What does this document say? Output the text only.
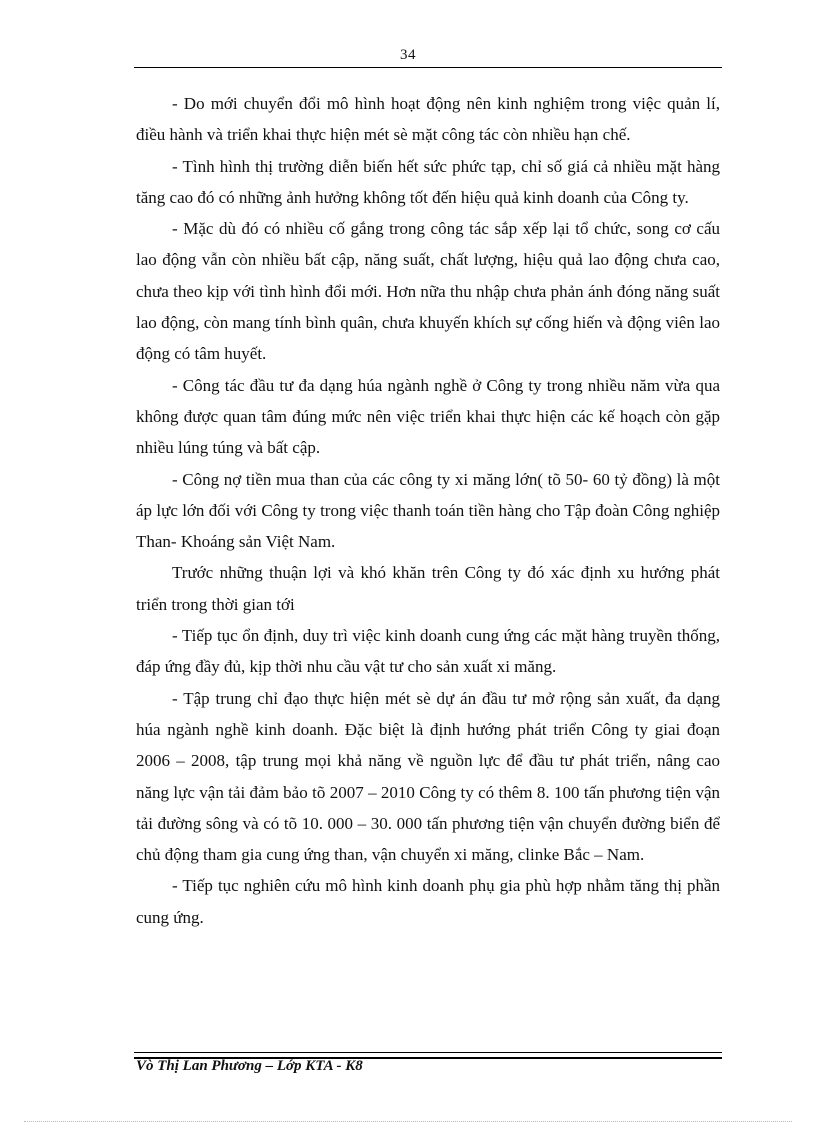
34

- Do mới chuyển đổi mô hình hoạt động nên kinh nghiệm trong việc quản lí, điều hành và triển khai thực hiện mét sè mặt công tác còn nhiều hạn chế.

- Tình hình thị trường diễn biến hết sức phức tạp, chỉ số giá cả nhiều mặt hàng tăng cao đó có những ảnh hưởng không tốt đến hiệu quả kinh doanh của Công ty.

- Mặc dù đó có nhiều cố gắng trong công tác sắp xếp lại tổ chức, song cơ cấu lao động vẫn còn nhiều bất cập, năng suất, chất lượng, hiệu quả lao động chưa cao, chưa theo kịp với tình hình đổi mới. Hơn nữa thu nhập chưa phản ánh đóng năng suất lao động, còn mang tính bình quân, chưa khuyến khích sự cống hiến và động viên lao động có tâm huyết.

- Công tác đầu tư đa dạng húa ngành nghề ở Công ty trong nhiều năm vừa qua không được quan tâm đúng mức nên việc triển khai thực hiện các kế hoạch còn gặp nhiều lúng túng và bất cập.

- Công nợ tiền mua than của các công ty xi măng lớn( tõ 50- 60 tỷ đồng) là một áp lực lớn đối với Công ty trong việc thanh toán tiền hàng cho Tập đoàn Công nghiệp Than- Khoáng sản Việt Nam.

Trước những thuận lợi và khó khăn trên Công ty đó xác định xu hướng phát triển trong thời gian tới

- Tiếp tục ổn định, duy trì việc kinh doanh cung ứng các mặt hàng truyền thống, đáp ứng đầy đủ, kịp thời nhu cầu vật tư cho sản xuất xi măng.

- Tập trung chỉ đạo thực hiện mét sè dự án đầu tư mở rộng sản xuất, đa dạng húa ngành nghề kinh doanh. Đặc biệt là định hướng phát triển Công ty giai đoạn 2006 – 2008, tập trung mọi khả năng về nguồn lực để đầu tư phát triển, nâng cao năng lực vận tải đảm bảo tõ 2007 – 2010 Công ty có thêm 8. 100 tấn phương tiện vận tải đường sông và có tõ 10. 000 – 30. 000 tấn phương tiện vận chuyển đường biển để chủ động tham gia cung ứng than, vận chuyển xi măng, clinke Bắc – Nam.

- Tiếp tục nghiên cứu mô hình kinh doanh phụ gia phù hợp nhằm tăng thị phần cung ứng.

Vò Thị Lan Phương – Lớp KTA - K8
